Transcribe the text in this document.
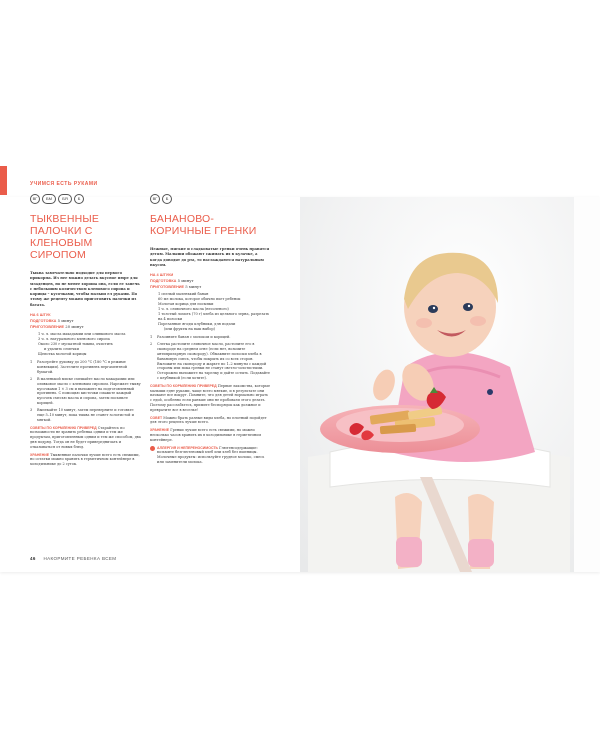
УЧИМСЯ ЕСТЬ РУКАМИ
ВГ	БМ	БЯ	Б
ТЫКВЕННЫЕ ПАЛОЧКИ С КЛЕНОВЫМ СИРОПОМ

Тыква замечательно подходит для первого прикорма. Из нее можно делать вкусное пюре для младенцев, но не менее хороша она, если ее запечь с небольшим количеством кленового сиропа и корицы – кусочками, чтобы малыш ел руками. По этому же рецепту можно приготовить палочки из батата.

НА 6 ШТУК
ПОДГОТОВКА 5 минут
ПРИГОТОВЛЕНИЕ 20 минут
1 ч. л. масла макадамии или оливкового масла
3 ч. л. натурального кленового сиропа
Около 230 г мускатной тыквы, очистить
и удалить семечки
Щепотка молотой корицы
1	Разогрейте духовку до 200 °С (180 °С в режиме конвекции). Застелите противень пергаментной бумагой.
2	В маленькой миске смешайте масло макадамии или оливковое масло с кленовым сиропом. Нарежьте тыкву кусочками 1 × 3 см и выложите на подготовленный противень. С помощью кисточки смажьте каждый кусочек смесью масла и сиропа, затем посыпьте корицей.
3	Выпекайте 10 минут, затем переверните и готовьте еще 5–10 минут, пока тыква не станет золотистой и мягкой.
СОВЕТЫ ПО КОРМЛЕНИЮ ПРИВЕРЕД Старайтесь по возможности не хранить ребенка одним и тем же продуктам, приготовленным одним и тем же способом, два дня подряд. Тогда он не будет привередничать и отказываться от новых блюд.
ХРАНЕНИЕ Тыквенные палочки лучше всего есть свежими, но остатки можно хранить в герметичном контейнере в холодильнике до 2 суток.
ВГ	Б
БАНАНОВО-КОРИЧНЫЕ ГРЕНКИ

Нежные, мягкие и сладковатые гренки очень нравятся детям. Малыши обожают сжимать их в кулачке, а когда доводят до рта, то наслаждаются натуральным вкусом.

НА 4 ШТУКИ
ПОДГОТОВКА 5 минут
ПРИГОТОВЛЕНИЕ 5 минут
1 спелый маленький банан
60 мл молока, которое обычно пьет ребенок
Молотая корица для посыпки
1 ч. л. сливочного масла (несоленого)
1 толстый ломоть (70 г) хлеба из цельного зерна, разрезать на 4 полоски
Порезанные ягоды клубники, для подачи
(или фрукты на ваш выбор)
1	Разомните банан с молоком и корицей.
2	Слегка растопите сливочное масло, растопите его в сковороде на среднем огне (если нет, возьмите антипригарную сковороду). Обмакните полоски хлеба в банановую смесь, чтобы покрыть их со всех сторон. Выложите на сковороду и жарьте по 1–2 минуты с каждой стороны или пока гренки не станут светло-золотистыми. Осторожно выложите на тарелку и дайте остыть. Подавайте с клубникой (если хотите).
СОВЕТЫ ПО КОРМЛЕНИЮ ПРИВЕРЕД Первые лакомства, которые малыши едят руками, чаще всего мягкие, и в результате они пачкают все вокруг. Помните, что для детей нормально играть с едой, особенно если раньше они не пробовали этого делать. Поэтому расслабьтесь, примите беспорядок как должное и превратите все в веселье!
СОВЕТ Можно брать разные виды хлеба, но плотный подойдет для этого рецепта лучше всего.
ХРАНЕНИЕ Гренки лучше всего есть свежими, но можно несколько часов хранить их в холодильнике в герметичном контейнере.
АЛЛЕРГИЯ И НЕПЕРЕНОСИМОСТЬ Глютенсодержащие: возьмите безглютеновый хлеб или хлеб без пшеницы. Молочные продукты: используйте грудное молоко, смесь или заменители молока.
46 НАКОРМИТЕ РЕБЕНКА ВСЕМ
